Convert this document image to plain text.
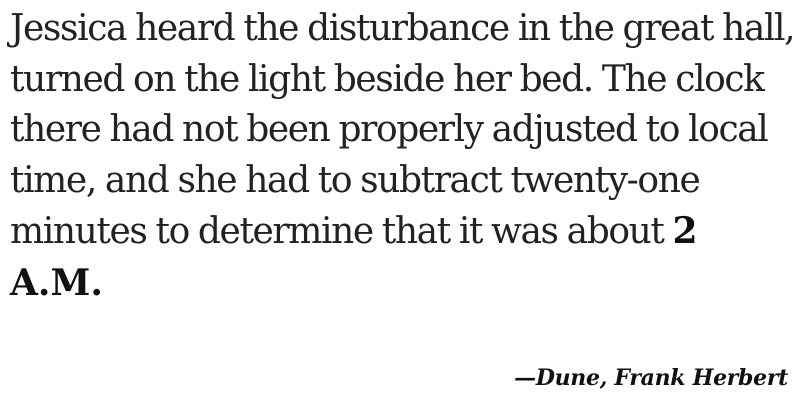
Jessica heard the disturbance in the great hall, turned on the light beside her bed. The clock there had not been properly adjusted to local time, and she had to subtract twenty-one minutes to determine that it was about 2 A.M.

—Dune, Frank Herbert
